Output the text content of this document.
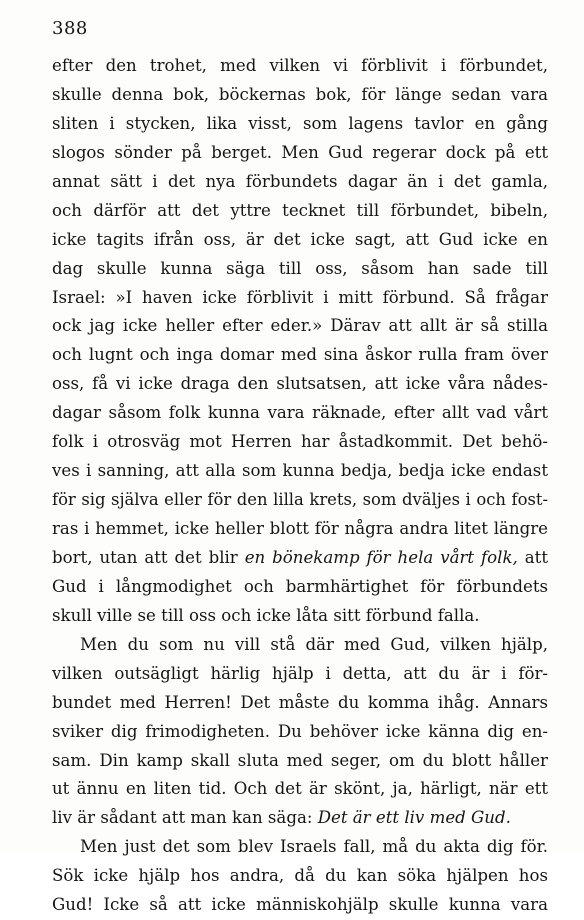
388
efter den trohet, med vilken vi förblivit i förbundet,
skulle denna bok, böckernas bok, för länge sedan vara
sliten i stycken, lika visst, som lagens tavlor en gång
slogos sönder på berget. Men Gud regerar dock på ett
annat sätt i det nya förbundets dagar än i det gamla,
och därför att det yttre tecknet till förbundet, bibeln,
icke tagits ifrån oss, är det icke sagt, att Gud icke en
dag skulle kunna säga till oss, såsom han sade till
Israel: »I haven icke förblivit i mitt förbund. Så frågar
ock jag icke heller efter eder.» Därav att allt är så stilla
och lugnt och inga domar med sina åskor rulla fram över
oss, få vi icke draga den slutsatsen, att icke våra nådes-
dagar såsom folk kunna vara räknade, efter allt vad vårt
folk i otrosväg mot Herren har åstadkommit. Det behö-
ves i sanning, att alla som kunna bedja, bedja icke endast
för sig själva eller för den lilla krets, som dväljes i och fost-
ras i hemmet, icke heller blott för några andra litet längre
bort, utan att det blir en bönekamp för hela vårt folk, att
Gud i långmodighet och barmhärtighet för förbundets
skull ville se till oss och icke låta sitt förbund falla.
Men du som nu vill stå där med Gud, vilken hjälp,
vilken outsägligt härlig hjälp i detta, att du är i för-
bundet med Herren! Det måste du komma ihåg. Annars
sviker dig frimodigheten. Du behöver icke känna dig en-
sam. Din kamp skall sluta med seger, om du blott håller
ut ännu en liten tid. Och det är skönt, ja, härligt, när ett
liv är sådant att man kan säga: Det är ett liv med Gud.
Men just det som blev Israels fall, må du akta dig för.
Sök icke hjälp hos andra, då du kan söka hjälpen hos
Gud! Icke så att icke människohjälp skulle kunna vara
